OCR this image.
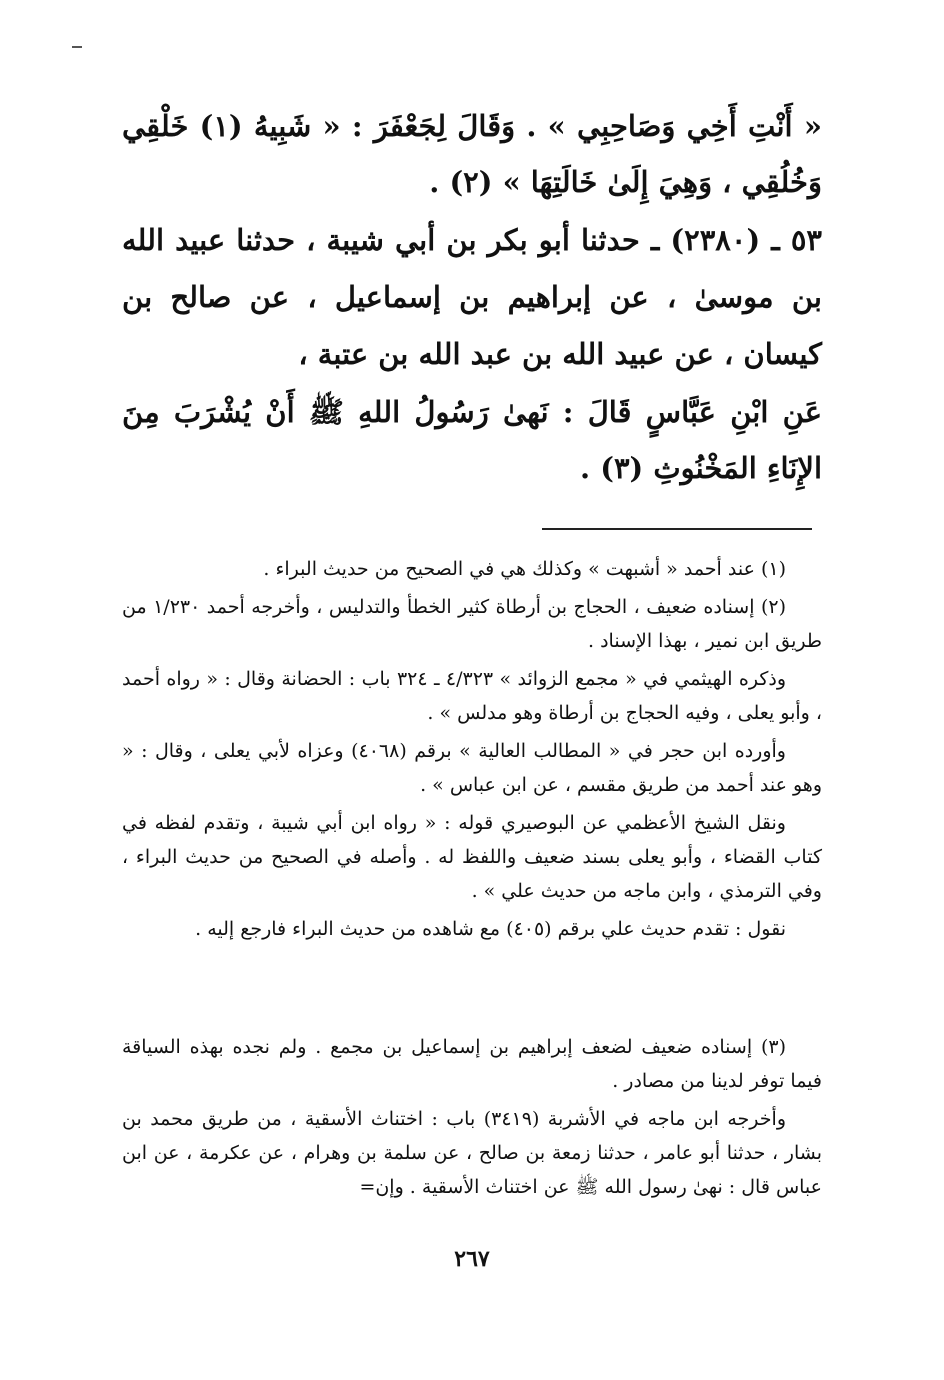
« أَنْتِ أَخِي وَصَاحِبِي » . وَقَالَ لِجَعْفَرَ : « شَبِيهُ (١) خَلْقِي وَخُلُقِي ، وَهِيَ إِلَىٰ خَالَتِهَا » (٢) .

٥٣ ـ (٢٣٨٠) ـ حدثنا أبو بكر بن أبي شيبة ، حدثنا عبيد الله بن موسىٰ ، عن إبراهيم بن إسماعيل ، عن صالح بن كيسان ، عن عبيد الله بن عبد الله بن عتبة ،

عَنِ ابْنِ عَبَّاسٍ قَالَ : نَهىٰ رَسُولُ اللهِ ﷺ أَنْ يُشْرَبَ مِنَ الإِنَاءِ المَخْنُوثِ (٣) .

(١) عند أحمد « أشبهت » وكذلك هي في الصحيح من حديث البراء .

(٢) إسناده ضعيف ، الحجاج بن أرطاة كثير الخطأ والتدليس ، وأخرجه أحمد ١/٢٣٠ من طريق ابن نمير ، بهذا الإسناد .

وذكره الهيثمي في « مجمع الزوائد » ٤/٣٢٣ ـ ٣٢٤ باب : الحضانة وقال : « رواه أحمد ، وأبو يعلى ، وفيه الحجاج بن أرطاة وهو مدلس » .

وأورده ابن حجر في « المطالب العالية » برقم (٤٠٦٨) وعزاه لأبي يعلى ، وقال : « وهو عند أحمد من طريق مقسم ، عن ابن عباس » .

ونقل الشيخ الأعظمي عن البوصيري قوله : « رواه ابن أبي شيبة ، وتقدم لفظه في كتاب القضاء ، وأبو يعلى بسند ضعيف واللفظ له . وأصله في الصحيح من حديث البراء ، وفي الترمذي ، وابن ماجه من حديث علي » .

نقول : تقدم حديث علي برقم (٤٠٥) مع شاهده من حديث البراء فارجع إليه .

(٣) إسناده ضعيف لضعف إبراهيم بن إسماعيل بن مجمع . ولم نجده بهذه السياقة فيما توفر لدينا من مصادر .

وأخرجه ابن ماجه في الأشربة (٣٤١٩) باب : اختناث الأسقية ، من طريق محمد بن بشار ، حدثنا أبو عامر ، حدثنا زمعة بن صالح ، عن سلمة بن وهرام ، عن عكرمة ، عن ابن عباس قال : نهىٰ رسول الله ﷺ عن اختناث الأسقية . وإن=

٢٦٧
